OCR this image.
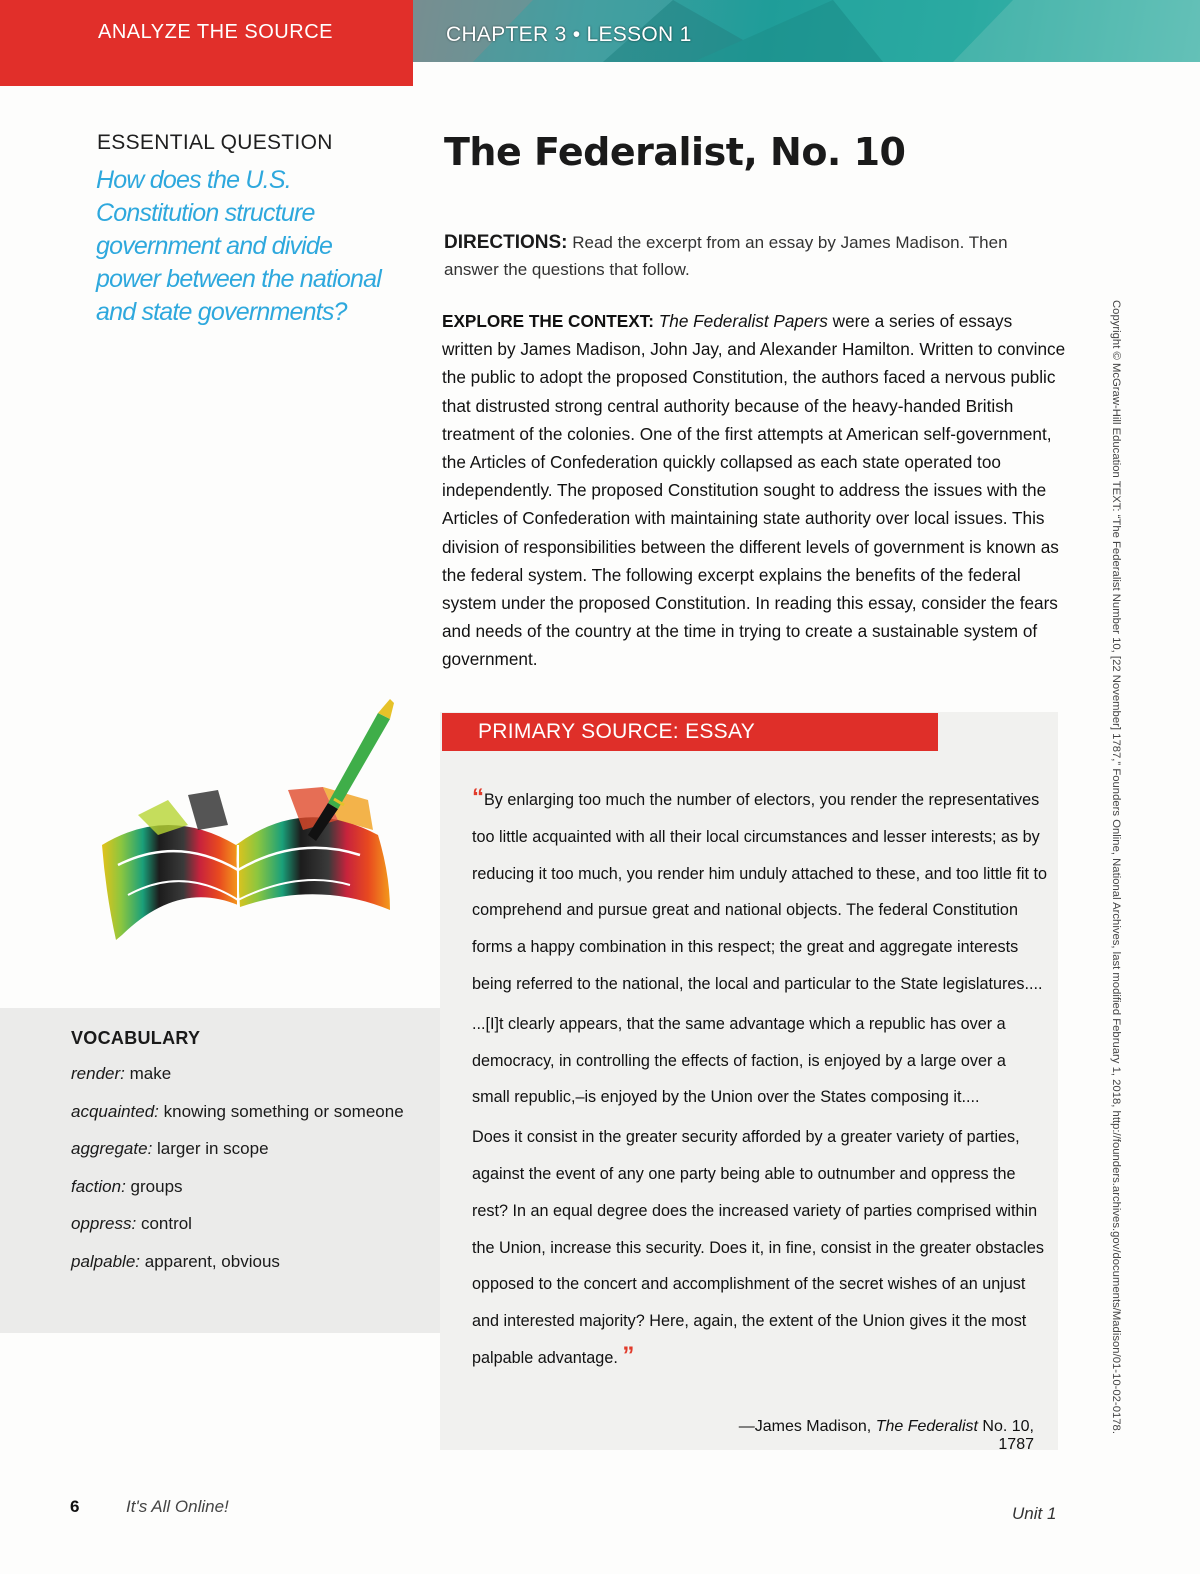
ANALYZE THE SOURCE	CHAPTER 3 • LESSON 1
ESSENTIAL QUESTION
How does the U.S. Constitution structure government and divide power between the national and state governments?
VOCABULARY
render: make
acquainted: knowing something or someone
aggregate: larger in scope
faction: groups
oppress: control
palpable: apparent, obvious
The Federalist, No. 10

DIRECTIONS: Read the excerpt from an essay by James Madison. Then answer the questions that follow.

EXPLORE THE CONTEXT: The Federalist Papers were a series of essays written by James Madison, John Jay, and Alexander Hamilton. Written to convince the public to adopt the proposed Constitution, the authors faced a nervous public that distrusted strong central authority because of the heavy-handed British treatment of the colonies. One of the first attempts at American self-government, the Articles of Confederation quickly collapsed as each state operated too independently. The proposed Constitution sought to address the issues with the Articles of Confederation with maintaining state authority over local issues. This division of responsibilities between the different levels of government is known as the federal system. The following excerpt explains the benefits of the federal system under the proposed Constitution. In reading this essay, consider the fears and needs of the country at the time in trying to create a sustainable system of government.

PRIMARY SOURCE: ESSAY

“By enlarging too much the number of electors, you render the representatives too little acquainted with all their local circumstances and lesser interests; as by reducing it too much, you render him unduly attached to these, and too little fit to comprehend and pursue great and national objects. The federal Constitution forms a happy combination in this respect; the great and aggregate interests being referred to the national, the local and particular to the State legislatures....

...[I]t clearly appears, that the same advantage which a republic has over a democracy, in controlling the effects of faction, is enjoyed by a large over a small republic,–is enjoyed by the Union over the States composing it....

Does it consist in the greater security afforded by a greater variety of parties, against the event of any one party being able to outnumber and oppress the rest? In an equal degree does the increased variety of parties comprised within the Union, increase this security. Does it, in fine, consist in the greater obstacles opposed to the concert and accomplishment of the secret wishes of an unjust and interested majority? Here, again, the extent of the Union gives it the most palpable advantage. ”

—James Madison, The Federalist No. 10, 1787
Copyright © McGraw-Hill Education TEXT: “The Federalist Number 10, [22 November] 1787,” Founders Online, National Archives, last modified February 1, 2018, http://founders.archives.gov/documents/Madison/01-10-02-0178.
6	It's All Online!	Unit 1
